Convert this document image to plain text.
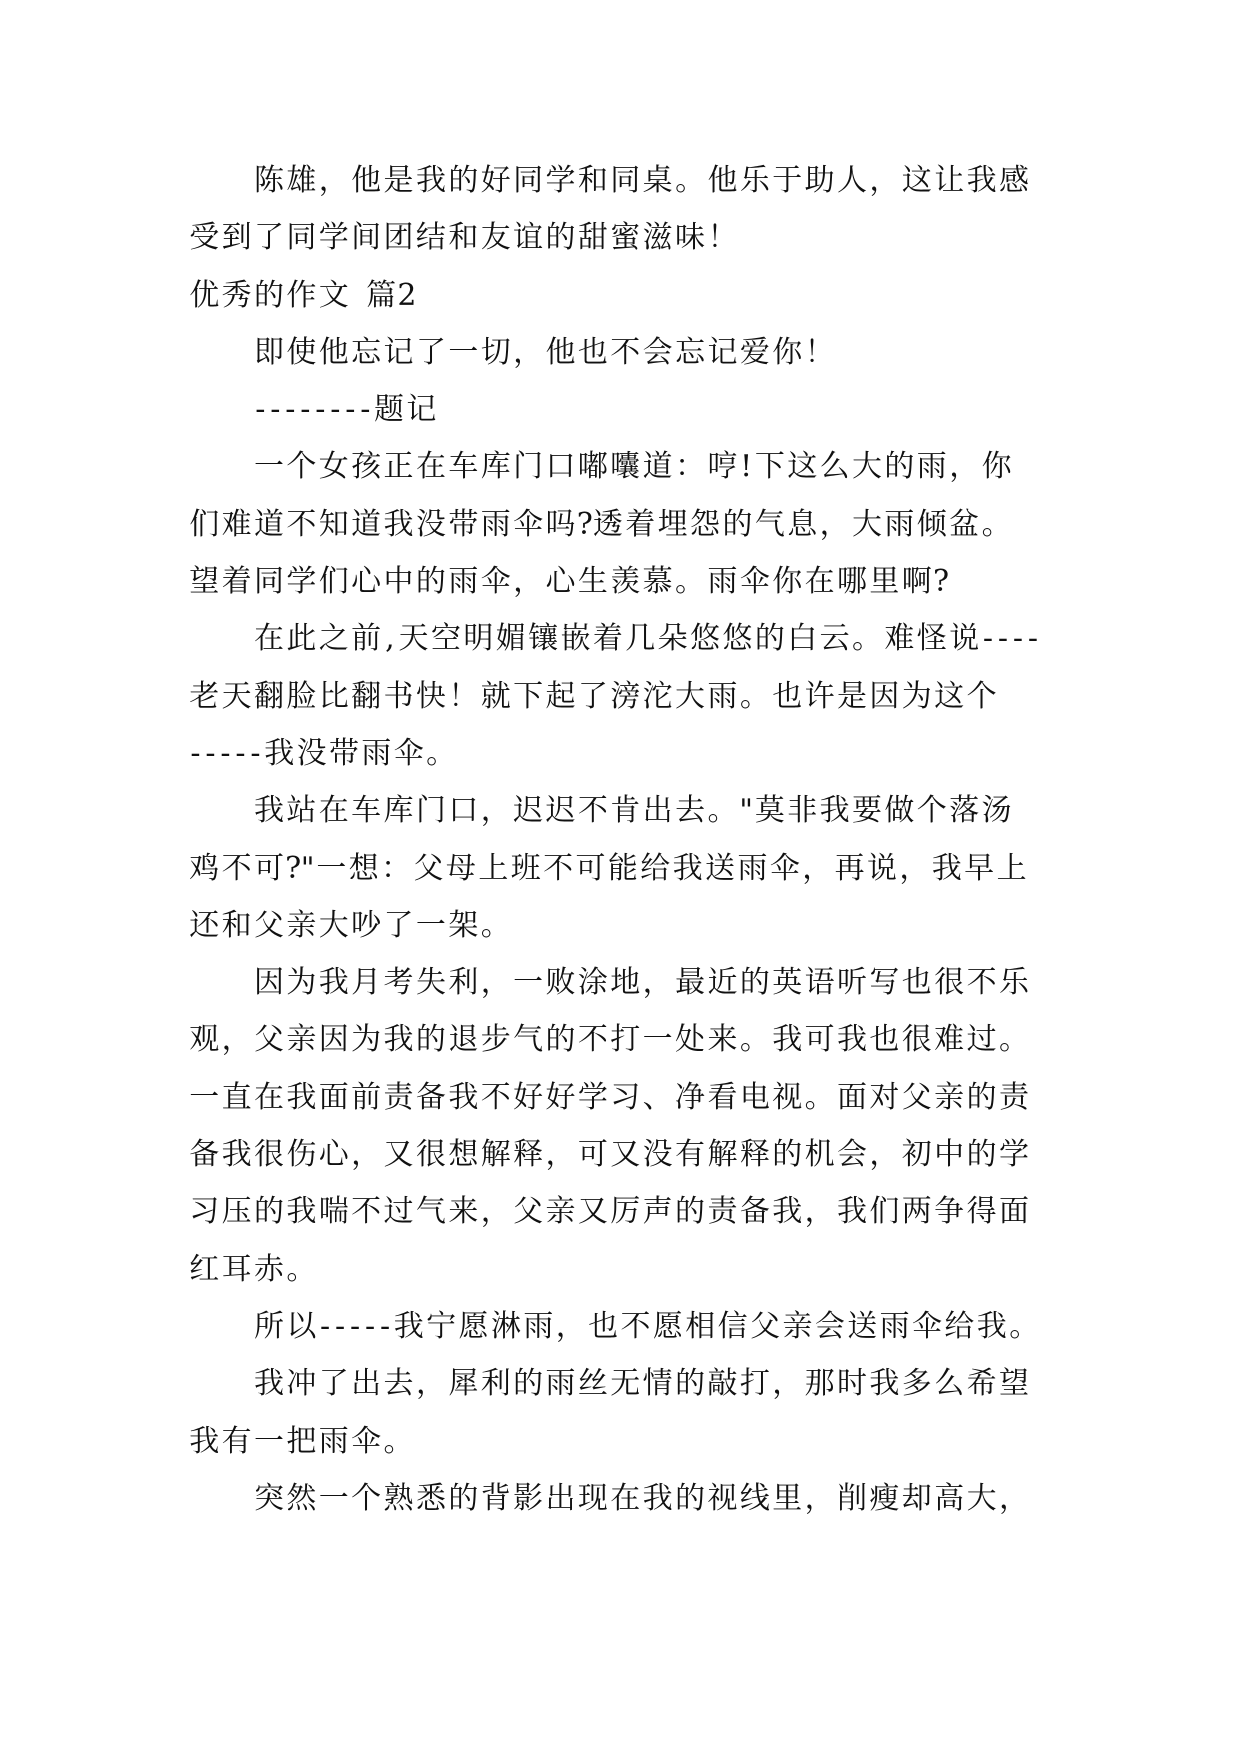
陈雄，他是我的好同学和同桌。他乐于助人，这让我感
受到了同学间团结和友谊的甜蜜滋味！
优秀的作文 篇2
即使他忘记了一切，他也不会忘记爱你！
- - - - - - - - 题记
一个女孩正在车库门口嘟囔道：哼!下这么大的雨，你
们难道不知道我没带雨伞吗?透着埋怨的气息，大雨倾盆。
望着同学们心中的雨伞，心生羡慕。雨伞你在哪里啊?
在此之前 , 天空明媚镶嵌着几朵悠悠的白云。难怪说 - - - -
老天翻脸比翻书快！就下起了滂沱大雨。也许是因为这个
- - - - - 我没带雨伞。
我站在车库门口，迟迟不肯出去。"莫非我要做个落汤
鸡不可?"一想：父母上班不可能给我送雨伞，再说，我早上
还和父亲大吵了一架。
因为我月考失利，一败涂地，最近的英语听写也很不乐
观，父亲因为我的退步气的不打一处来。我可我也很难过。
一直在我面前责备我不好好学习、净看电视。面对父亲的责
备我很伤心，又很想解释，可又没有解释的机会，初中的学
习压的我喘不过气来，父亲又厉声的责备我，我们两争得面
红耳赤。
所以 - - - - - 我宁愿淋雨，也不愿相信父亲会送雨伞给我。
我冲了出去，犀利的雨丝无情的敲打，那时我多么希望
我有一把雨伞。
突然一个熟悉的背影出现在我的视线里，削瘦却高大，
